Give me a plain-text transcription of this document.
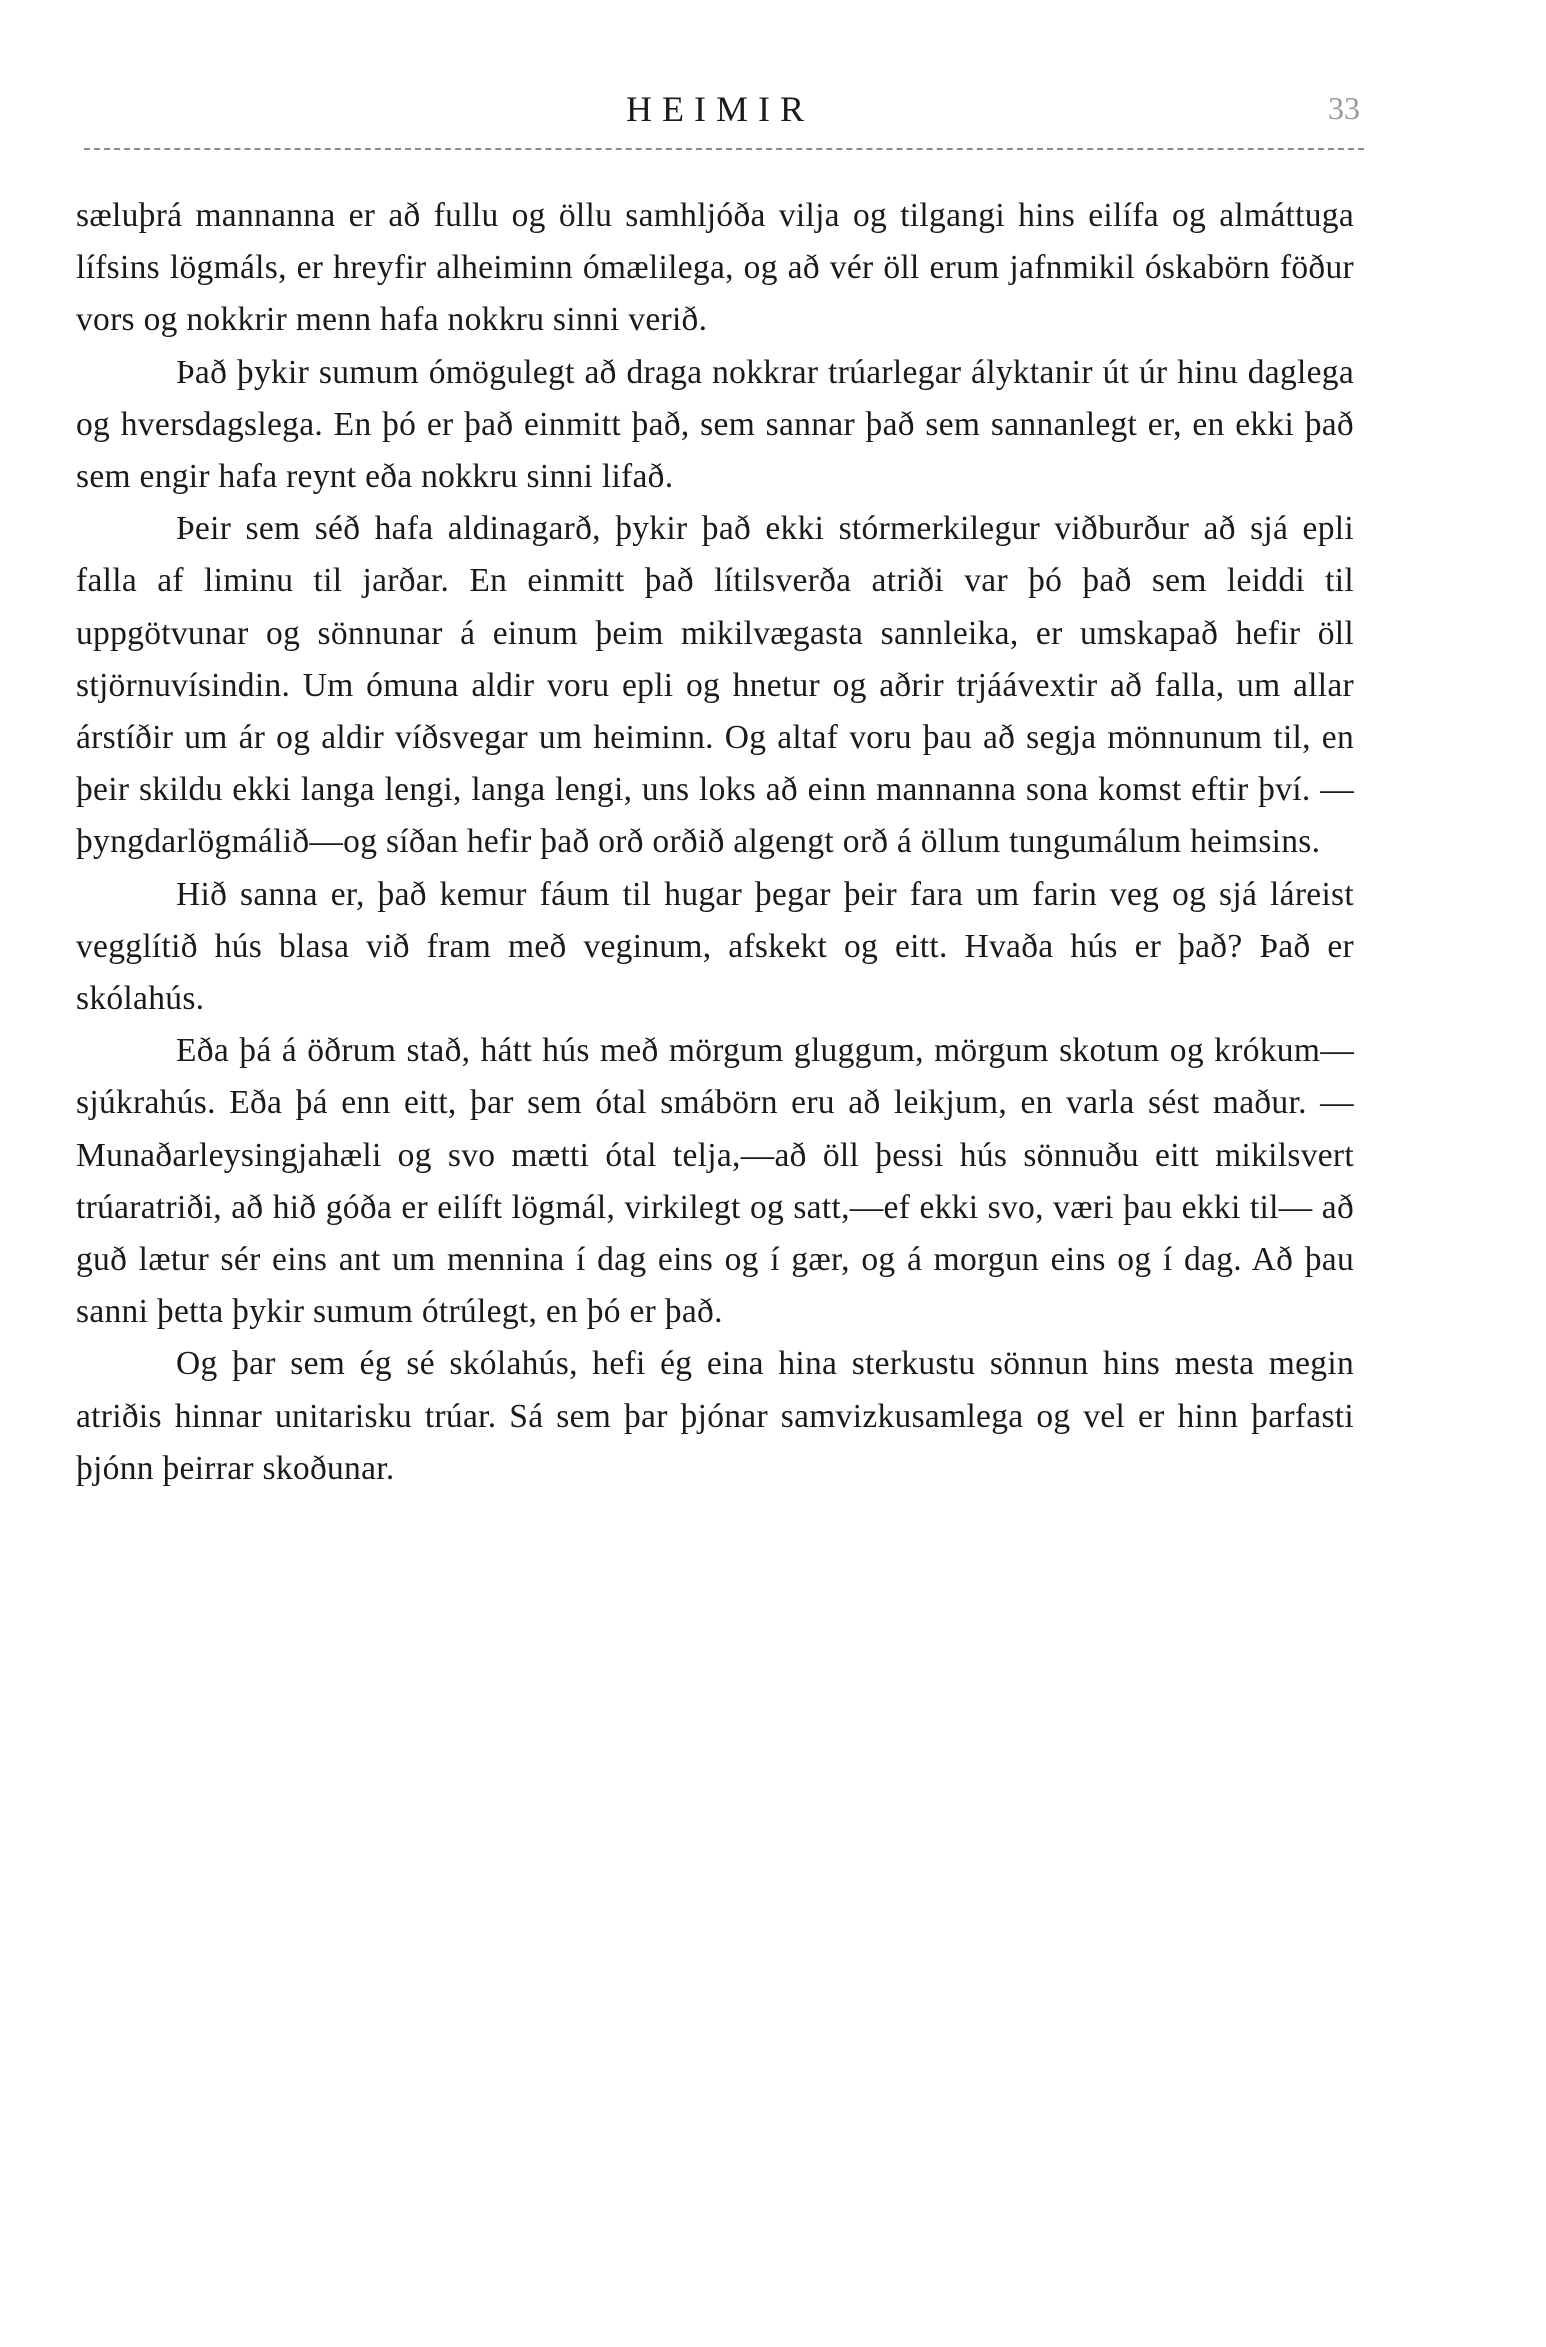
HEIMIR	33

sæluþrá mannanna er að fullu og öllu samhljóða vilja og tilgangi hins eilífa og almáttuga lífsins lögmáls, er hreyfir alheiminn ómælilega, og að vér öll erum jafnmikil óskabörn föður vors og nokkrir menn hafa nokkru sinni verið.

Það þykir sumum ómögulegt að draga nokkrar trúarlegar ályktanir út úr hinu daglega og hversdagslega. En þó er það einmitt það, sem sannar það sem sannanlegt er, en ekki það sem engir hafa reynt eða nokkru sinni lifað.

Þeir sem séð hafa aldinagarð, þykir það ekki stórmerkilegur viðburður að sjá epli falla af liminu til jarðar. En einmitt það lítilsverða atriði var þó það sem leiddi til uppgötvunar og sönnunar á einum þeim mikilvægasta sannleika, er umskapað hefir öll stjörnuvísindin. Um ómuna aldir voru epli og hnetur og aðrir trjáávextir að falla, um allar árstíðir um ár og aldir víðsvegar um heiminn. Og altaf voru þau að segja mönnunum til, en þeir skildu ekki langa lengi, langa lengi, uns loks að einn mannanna sona komst eftir því. —þyngdarlögmálið—og síðan hefir það orð orðið algengt orð á öllum tungumálum heimsins.

Hið sanna er, það kemur fáum til hugar þegar þeir fara um farin veg og sjá láreist vegglítið hús blasa við fram með veginum, afskekt og eitt. Hvaða hús er það? Það er skólahús.

Eða þá á öðrum stað, hátt hús með mörgum gluggum, mörgum skotum og krókum—sjúkrahús. Eða þá enn eitt, þar sem ótal smábörn eru að leikjum, en varla sést maður. —Munaðarleysingjahæli og svo mætti ótal telja,—að öll þessi hús sönnuðu eitt mikilsvert trúaratriði, að hið góða er eilíft lögmál, virkilegt og satt,—ef ekki svo, væri þau ekki til— að guð lætur sér eins ant um mennina í dag eins og í gær, og á morgun eins og í dag. Að þau sanni þetta þykir sumum ótrúlegt, en þó er það.

Og þar sem ég sé skólahús, hefi ég eina hina sterkustu sönnun hins mesta megin atriðis hinnar unitarisku trúar. Sá sem þar þjónar samvizkusamlega og vel er hinn þarfasti þjónn þeirrar skoðunar.
